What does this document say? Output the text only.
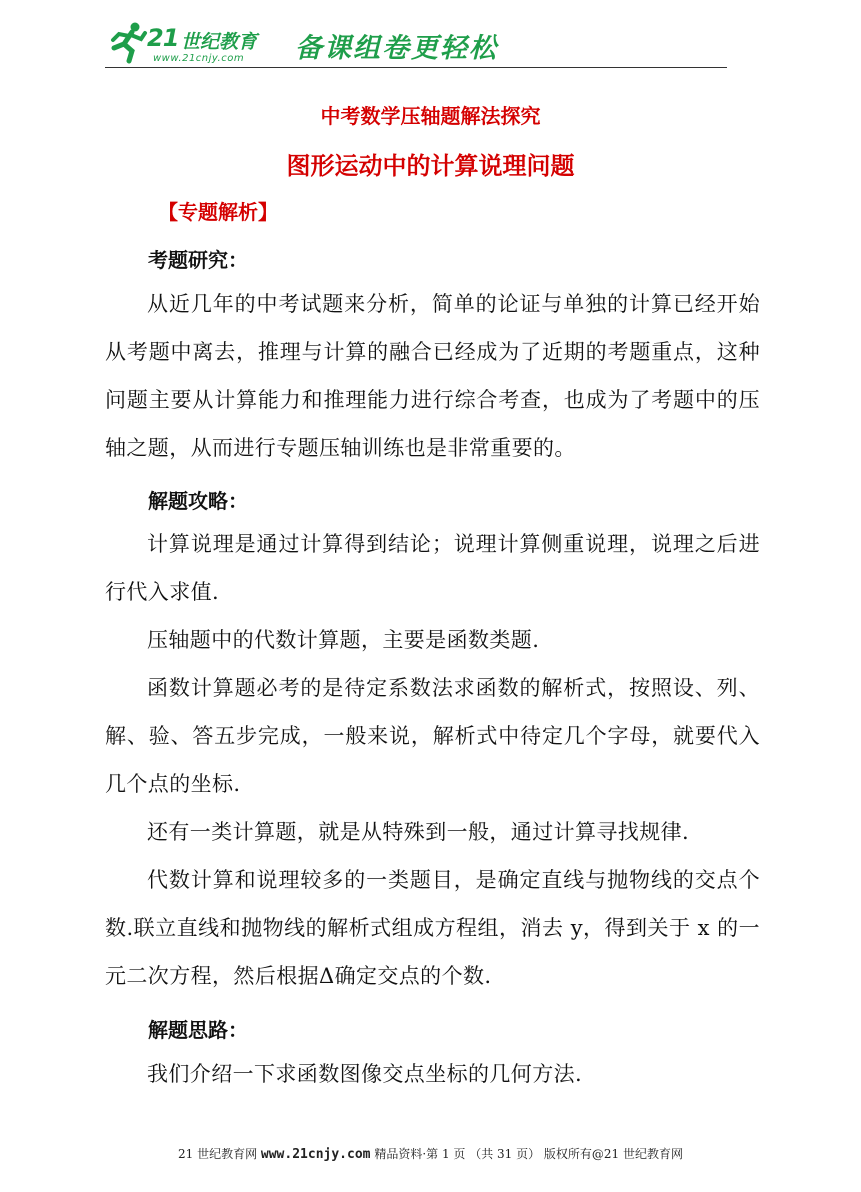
21 世纪教育
www.21cnjy.com 备课组卷更轻松
中考数学压轴题解法探究
图形运动中的计算说理问题
【专题解析】
考题研究：
从近几年的中考试题来分析，简单的论证与单独的计算已经开始从考题中离去，推理与计算的融合已经成为了近期的考题重点，这种问题主要从计算能力和推理能力进行综合考查，也成为了考题中的压轴之题，从而进行专题压轴训练也是非常重要的。
解题攻略：
计算说理是通过计算得到结论；说理计算侧重说理，说理之后进行代入求值.
压轴题中的代数计算题，主要是函数类题.
函数计算题必考的是待定系数法求函数的解析式，按照设、列、解、验、答五步完成，一般来说，解析式中待定几个字母，就要代入几个点的坐标.
还有一类计算题，就是从特殊到一般，通过计算寻找规律.
代数计算和说理较多的一类题目，是确定直线与抛物线的交点个数.联立直线和抛物线的解析式组成方程组，消去 y，得到关于 x 的一元二次方程，然后根据Δ确定交点的个数.
解题思路：
我们介绍一下求函数图像交点坐标的几何方法.
21 世纪教育网 www.21cnjy.com 精品资料·第 1 页 （共 31 页） 版权所有@21 世纪教育网
